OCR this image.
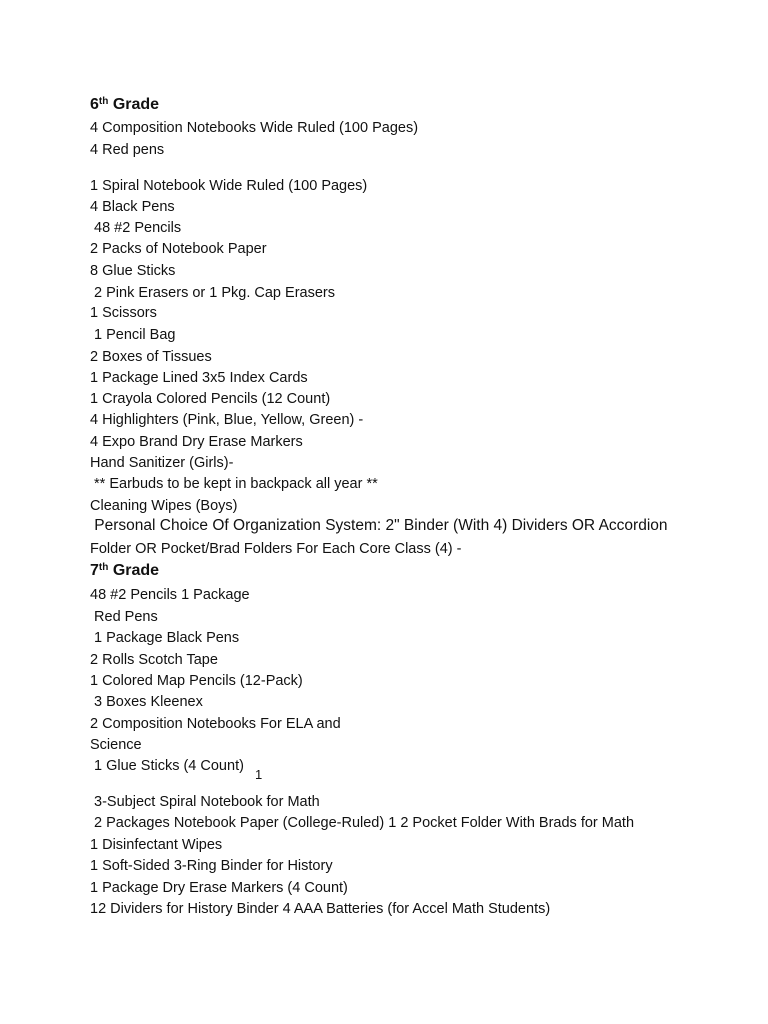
6th Grade
4 Composition Notebooks Wide Ruled (100 Pages)
4 Red pens
1 Spiral Notebook Wide Ruled (100 Pages)
4 Black Pens
48 #2 Pencils
2 Packs of Notebook Paper
8 Glue Sticks
2 Pink Erasers or 1 Pkg. Cap Erasers
1 Scissors
1 Pencil Bag
2 Boxes of Tissues
1 Package Lined 3x5 Index Cards
1 Crayola Colored Pencils (12 Count)
4 Highlighters (Pink, Blue, Yellow, Green) -
4 Expo Brand Dry Erase Markers
Hand Sanitizer (Girls)-
** Earbuds to be kept in backpack all year **
Cleaning Wipes (Boys)
Personal Choice Of Organization System: 2" Binder (With 4) Dividers OR Accordion
Folder OR Pocket/Brad Folders For Each Core Class (4) -
7th Grade
48 #2 Pencils 1 Package
Red Pens
1 Package Black Pens
2 Rolls Scotch Tape
1 Colored Map Pencils (12-Pack)
3 Boxes Kleenex
2 Composition Notebooks For ELA and
Science
1 Glue Sticks (4 Count)
1
3-Subject Spiral Notebook for Math
2 Packages Notebook Paper (College-Ruled) 1 2 Pocket Folder With Brads for Math
1 Disinfectant Wipes
1 Soft-Sided 3-Ring Binder for History
1 Package Dry Erase Markers (4 Count)
12 Dividers for History Binder 4 AAA Batteries (for Accel Math Students)
